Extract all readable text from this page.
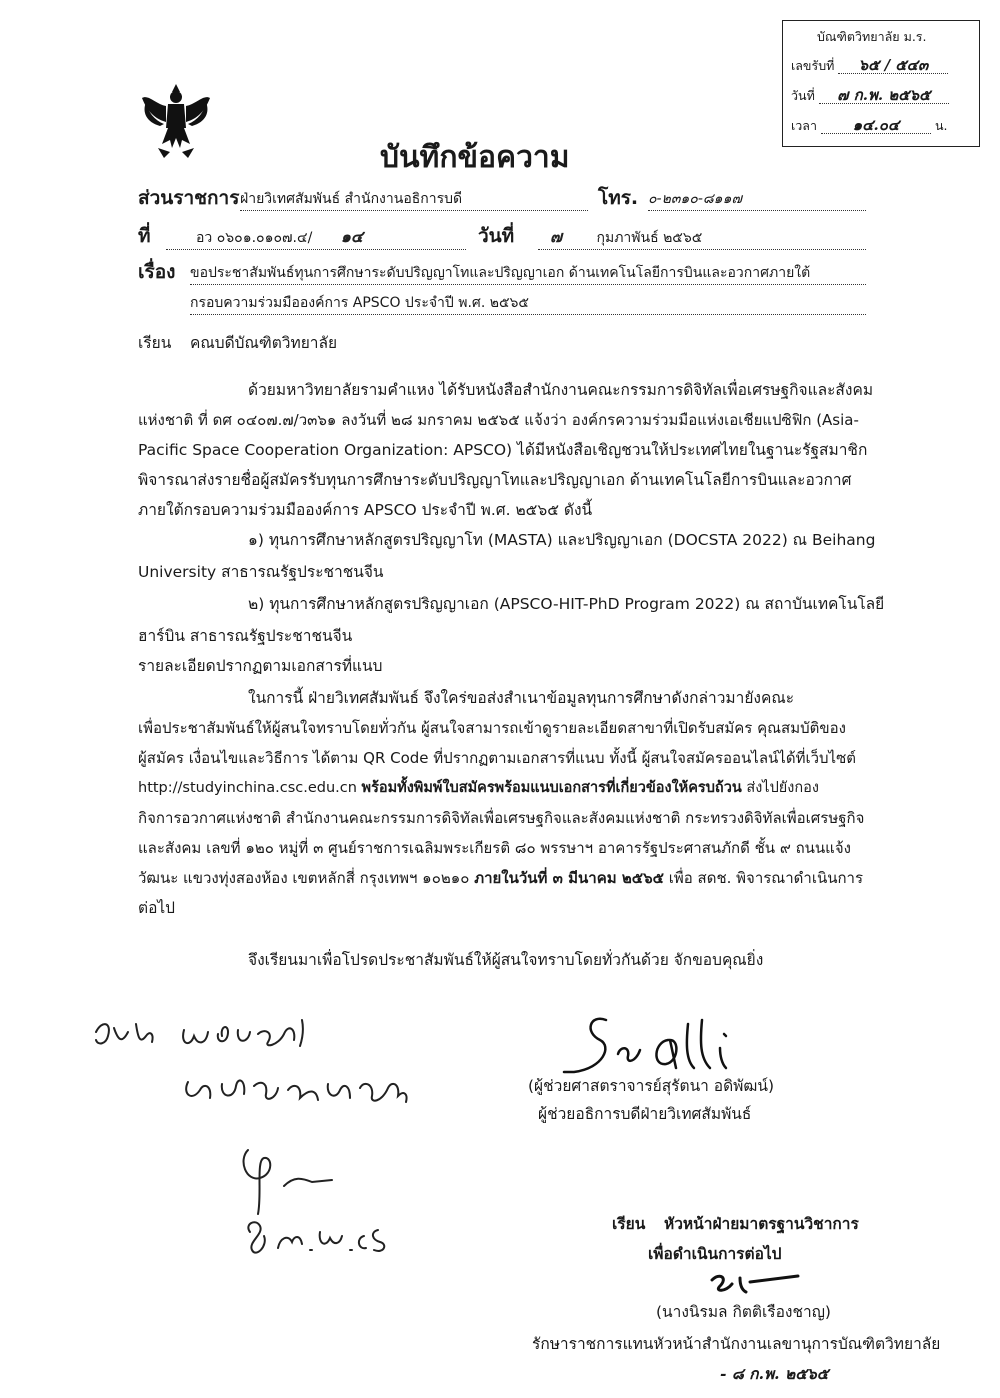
บัณฑิตวิทยาลัย ม.ร.
เลขรับที่ ๖๕ / ๕๔๓
วันที่ ๗ ก.พ. ๒๕๖๕
เวลา ๑๔.๐๔	น.
บันทึกข้อความ
ส่วนราชการ ฝ่ายวิเทศสัมพันธ์ สำนักงานอธิการบดี	โทร. ๐-๒๓๑๐-๘๑๑๗
ที่	อว ๐๖๐๑.๐๑๐๗.๔/ ๑๔	วันที่	๗ กุมภาพันธ์ ๒๕๖๕
เรื่อง ขอประชาสัมพันธ์ทุนการศึกษาระดับปริญญาโทและปริญญาเอก ด้านเทคโนโลยีการบินและอวกาศภายใต้
กรอบความร่วมมือองค์การ APSCO ประจำปี พ.ศ. ๒๕๖๕
เรียน คณบดีบัณฑิตวิทยาลัย
ด้วยมหาวิทยาลัยรามคำแหง ได้รับหนังสือสำนักงานคณะกรรมการดิจิทัลเพื่อเศรษฐกิจและสังคม
แห่งชาติ ที่ ดศ ๐๔๐๗.๗/ว๓๖๑ ลงวันที่ ๒๘ มกราคม ๒๕๖๕ แจ้งว่า องค์กรความร่วมมือแห่งเอเชียแปซิฟิก (Asia-
Pacific Space Cooperation Organization: APSCO) ได้มีหนังสือเชิญชวนให้ประเทศไทยในฐานะรัฐสมาชิก
พิจารณาส่งรายชื่อผู้สมัครรับทุนการศึกษาระดับปริญญาโทและปริญญาเอก ด้านเทคโนโลยีการบินและอวกาศ
ภายใต้กรอบความร่วมมือองค์การ APSCO ประจำปี พ.ศ. ๒๕๖๕ ดังนี้
๑) ทุนการศึกษาหลักสูตรปริญญาโท (MASTA) และปริญญาเอก (DOCSTA 2022) ณ Beihang
University สาธารณรัฐประชาชนจีน
๒) ทุนการศึกษาหลักสูตรปริญญาเอก (APSCO-HIT-PhD Program 2022) ณ สถาบันเทคโนโลยี
ฮาร์บิน สาธารณรัฐประชาชนจีน
รายละเอียดปรากฏตามเอกสารที่แนบ
ในการนี้ ฝ่ายวิเทศสัมพันธ์ จึงใคร่ขอส่งสำเนาข้อมูลทุนการศึกษาดังกล่าวมายังคณะ
เพื่อประชาสัมพันธ์ให้ผู้สนใจทราบโดยทั่วกัน ผู้สนใจสามารถเข้าดูรายละเอียดสาขาที่เปิดรับสมัคร คุณสมบัติของ
ผู้สมัคร เงื่อนไขและวิธีการ ได้ตาม QR Code ที่ปรากฏตามเอกสารที่แนบ ทั้งนี้ ผู้สนใจสมัครออนไลน์ได้ที่เว็บไซต์
http://studyinchina.csc.edu.cn พร้อมทั้งพิมพ์ใบสมัครพร้อมแนบเอกสารที่เกี่ยวข้องให้ครบถ้วน ส่งไปยังกอง
กิจการอวกาศแห่งชาติ สำนักงานคณะกรรมการดิจิทัลเพื่อเศรษฐกิจและสังคมแห่งชาติ กระทรวงดิจิทัลเพื่อเศรษฐกิจ
และสังคม เลขที่ ๑๒๐ หมู่ที่ ๓ ศูนย์ราชการเฉลิมพระเกียรติ ๘๐ พรรษาฯ อาคารรัฐประศาสนภักดี ชั้น ๙ ถนนแจ้ง
วัฒนะ แขวงทุ่งสองห้อง เขตหลักสี่ กรุงเทพฯ ๑๐๒๑๐ ภายในวันที่ ๓ มีนาคม ๒๕๖๕ เพื่อ สดช. พิจารณาดำเนินการ
ต่อไป
จึงเรียนมาเพื่อโปรดประชาสัมพันธ์ให้ผู้สนใจทราบโดยทั่วกันด้วย จักขอบคุณยิ่ง
(ผู้ช่วยศาสตราจารย์สุรัตนา อดิพัฒน์)
ผู้ช่วยอธิการบดีฝ่ายวิเทศสัมพันธ์
เรียน หัวหน้าฝ่ายมาตรฐานวิชาการ
เพื่อดำเนินการต่อไป
(นางนิรมล กิตติเรืองชาญ)
รักษาราชการแทนหัวหน้าสำนักงานเลขานุการบัณฑิตวิทยาลัย
- ๘ ก.พ. ๒๕๖๕
